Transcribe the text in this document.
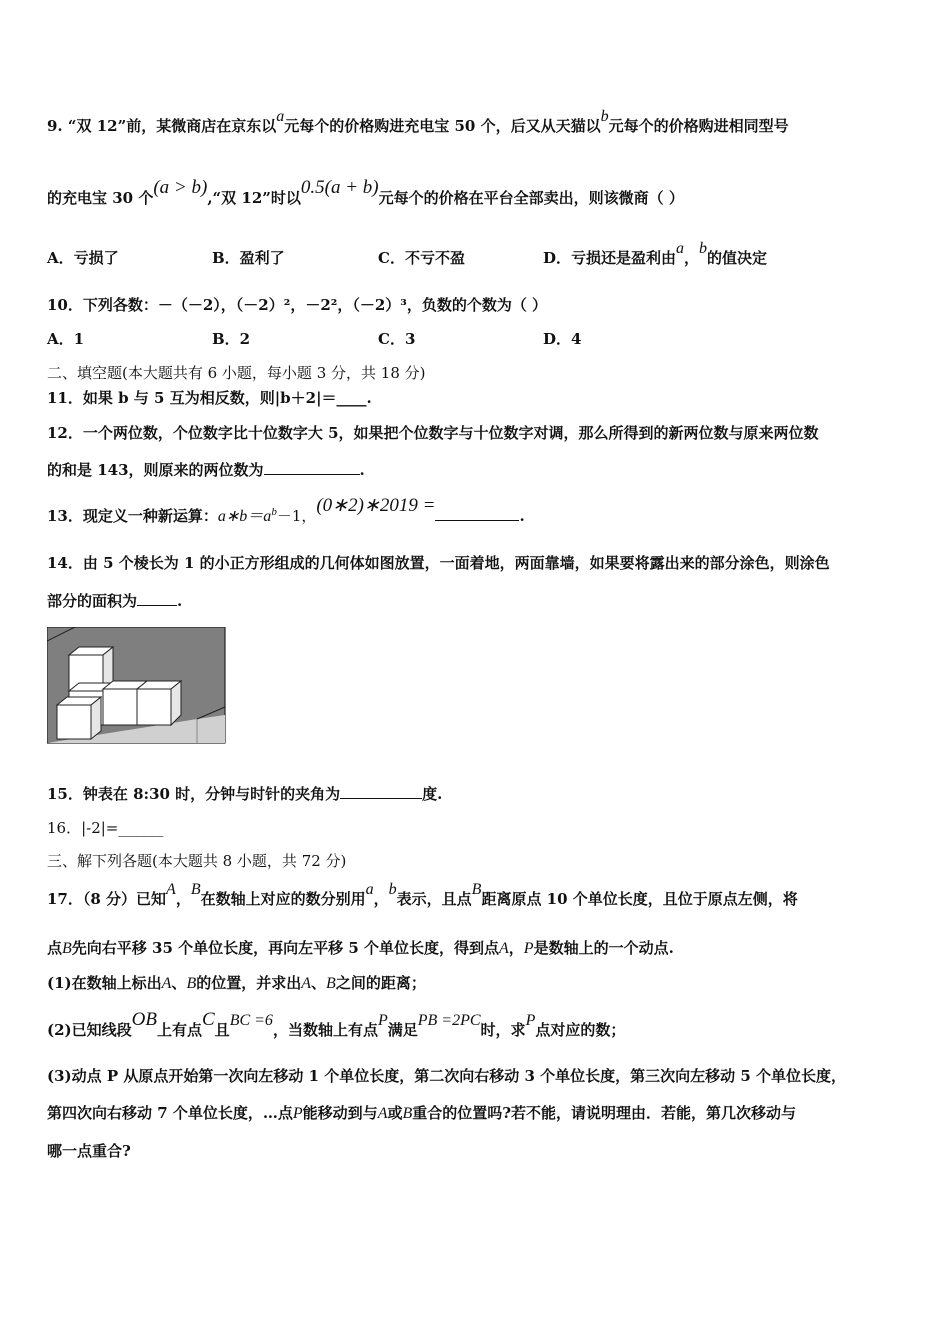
9. “双 12”前，某微商店在京东以a元每个的价格购进充电宝 50 个，后又从天猫以b元每个的价格购进相同型号
的充电宝 30 个(a > b),“双 12”时以0.5(a + b)元每个的价格在平台全部卖出，则该微商（ ）
A．亏损了	B．盈利了	C．不亏不盈	D．亏损还是盈利由a，b的值决定
10．下列各数：－（－2），（－2）²，－2²，（－2）³，负数的个数为（ ）
A．1	B．2	C．3	D．4
二、填空题(本大题共有 6 小题，每小题 3 分，共 18 分)
11．如果 b 与 5 互为相反数，则|b＋2|＝____.
12．一个两位数，个位数字比十位数字大 5，如果把个位数字与十位数字对调，那么所得到的新两位数与原来两位数
的和是 143，则原来的两位数为	.
13．现定义一种新运算：$a∗b=a^b-1$，(0∗2)∗2019 =	.
14．由 5 个棱长为 1 的小正方形组成的几何体如图放置，一面着地，两面靠墙，如果要将露出来的部分涂色，则涂色
部分的面积为	.
15．钟表在 8:30 时，分钟与时针的夹角为	度.
16．|-2|=______
三、解下列各题(本大题共 8 小题，共 72 分)
17．（8 分）已知A，B在数轴上对应的数分别用a，b表示，且点B距离原点 10 个单位长度，且位于原点左侧，将
点B先向右平移 35 个单位长度，再向左平移 5 个单位长度，得到点A，P是数轴上的一个动点.
(1)在数轴上标出A、B的位置，并求出A、B之间的距离；
(2)已知线段OB上有点C且BC =6，当数轴上有点P满足PB =2PC时，求P点对应的数；
(3)动点 P 从原点开始第一次向左移动 1 个单位长度，第二次向右移动 3 个单位长度，第三次向左移动 5 个单位长度，
第四次向右移动 7 个单位长度，…点P能移动到与A或B重合的位置吗?若不能，请说明理由．若能，第几次移动与
哪一点重合?
